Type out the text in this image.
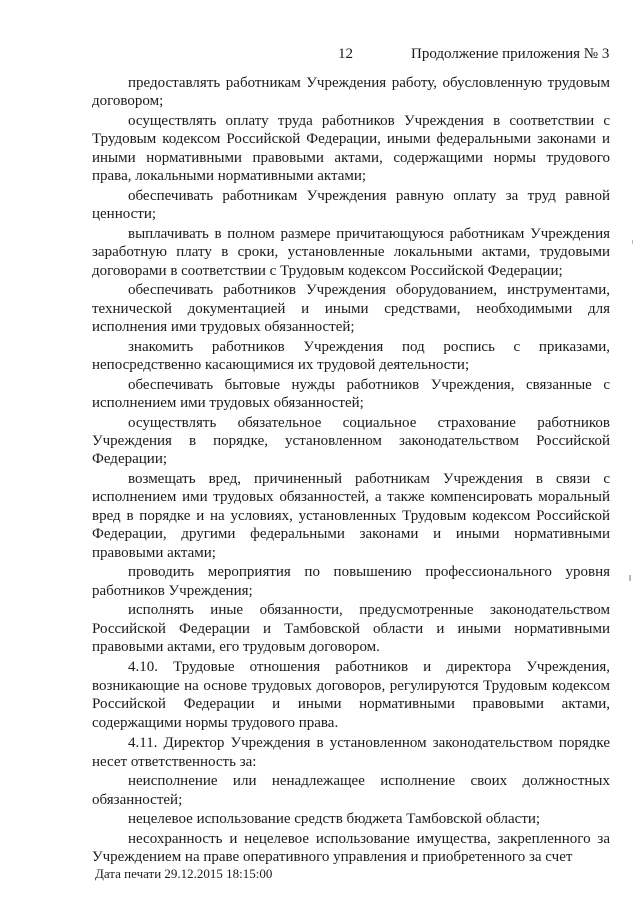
12	Продолжение приложения № 3

предоставлять работникам Учреждения работу, обусловленную трудовым договором;

осуществлять оплату труда работников Учреждения в соответствии с Трудовым кодексом Российской Федерации, иными федеральными законами и иными нормативными правовыми актами, содержащими нормы трудового права, локальными нормативными актами;

обеспечивать работникам Учреждения равную оплату за труд равной ценности;

выплачивать в полном размере причитающуюся работникам Учреждения заработную плату в сроки, установленные локальными актами, трудовыми договорами в соответствии с Трудовым кодексом Российской Федерации;

обеспечивать работников Учреждения оборудованием, инструментами, технической документацией и иными средствами, необходимыми для исполнения ими трудовых обязанностей;

знакомить работников Учреждения под роспись с приказами, непосредственно касающимися их трудовой деятельности;

обеспечивать бытовые нужды работников Учреждения, связанные с исполнением ими трудовых обязанностей;

осуществлять обязательное социальное страхование работников Учреждения в порядке, установленном законодательством Российской Федерации;

возмещать вред, причиненный работникам Учреждения в связи с исполнением ими трудовых обязанностей, а также компенсировать моральный вред в порядке и на условиях, установленных Трудовым кодексом Российской Федерации, другими федеральными законами и иными нормативными правовыми актами;

проводить мероприятия по повышению профессионального уровня работников Учреждения;

исполнять иные обязанности, предусмотренные законодательством Российской Федерации и Тамбовской области и иными нормативными правовыми актами, его трудовым договором.

4.10. Трудовые отношения работников и директора Учреждения, возникающие на основе трудовых договоров, регулируются Трудовым кодексом Российской Федерации и иными нормативными правовыми актами, содержащими нормы трудового права.

4.11. Директор Учреждения в установленном законодательством порядке несет ответственность за:

неисполнение или ненадлежащее исполнение своих должностных обязанностей;

нецелевое использование средств бюджета Тамбовской области;

несохранность и нецелевое использование имущества, закрепленного за Учреждением на праве оперативного управления и приобретенного за счет

Дата печати 29.12.2015 18:15:00
